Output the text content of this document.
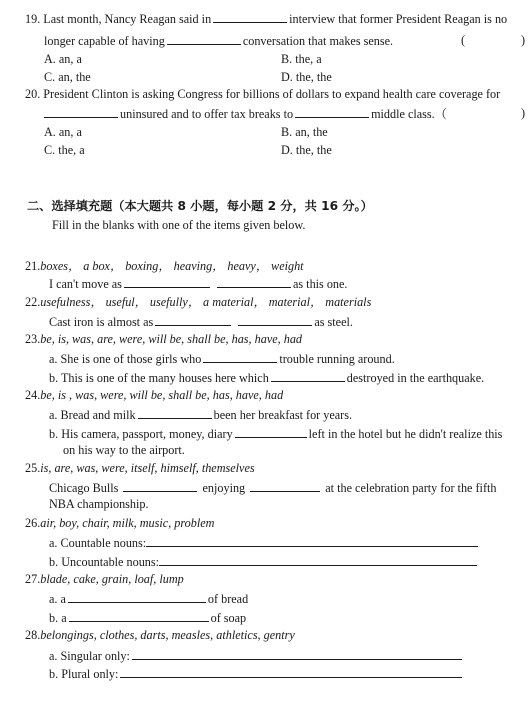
19. Last month, Nancy Reagan said in	interview that former President Reagan is no
longer capable of having	conversation that makes sense.	(	)
A. an, a	B. the, a
C. an, the	D. the, the
20. President Clinton is asking Congress for billions of dollars to expand health care coverage for
uninsured and to offer tax breaks to	middle class.（	)
A. an, a	B. an, the
C. the, a	D. the, the
二、选择填充题（本大题共 8 小题，每小题 2 分，共 16 分。）
Fill in the blanks with one of the items given below.
21.boxes， a box， boxing， heaving， heavy， weight
I can't move as	as this one.
22.usefulness， useful， usefully， a material， material， materials
Cast iron is almost as	as steel.
23.be, is, was, are, were, will be, shall be, has, have, had
a. She is one of those girls who	trouble running around.
b. This is one of the many houses here which	destroyed in the earthquake.
24.be, is , was, were, will be, shall be, has, have, had
a. Bread and milk	been her breakfast for years.
b. His camera, passport, money, diary	left in the hotel but he didn't realize this
on his way to the airport.
25.is, are, was, were, itself, himself, themselves
Chicago Bulls	enjoying	at the celebration party for the fifth
NBA championship.
26.air, boy, chair, milk, music, problem
a. Countable nouns:
b. Uncountable nouns:
27.blade, cake, grain, loaf, lump
a. a	of bread
b. a	of soap
28.belongings, clothes, darts, measles, athletics, gentry
a. Singular only:
b. Plural only:
